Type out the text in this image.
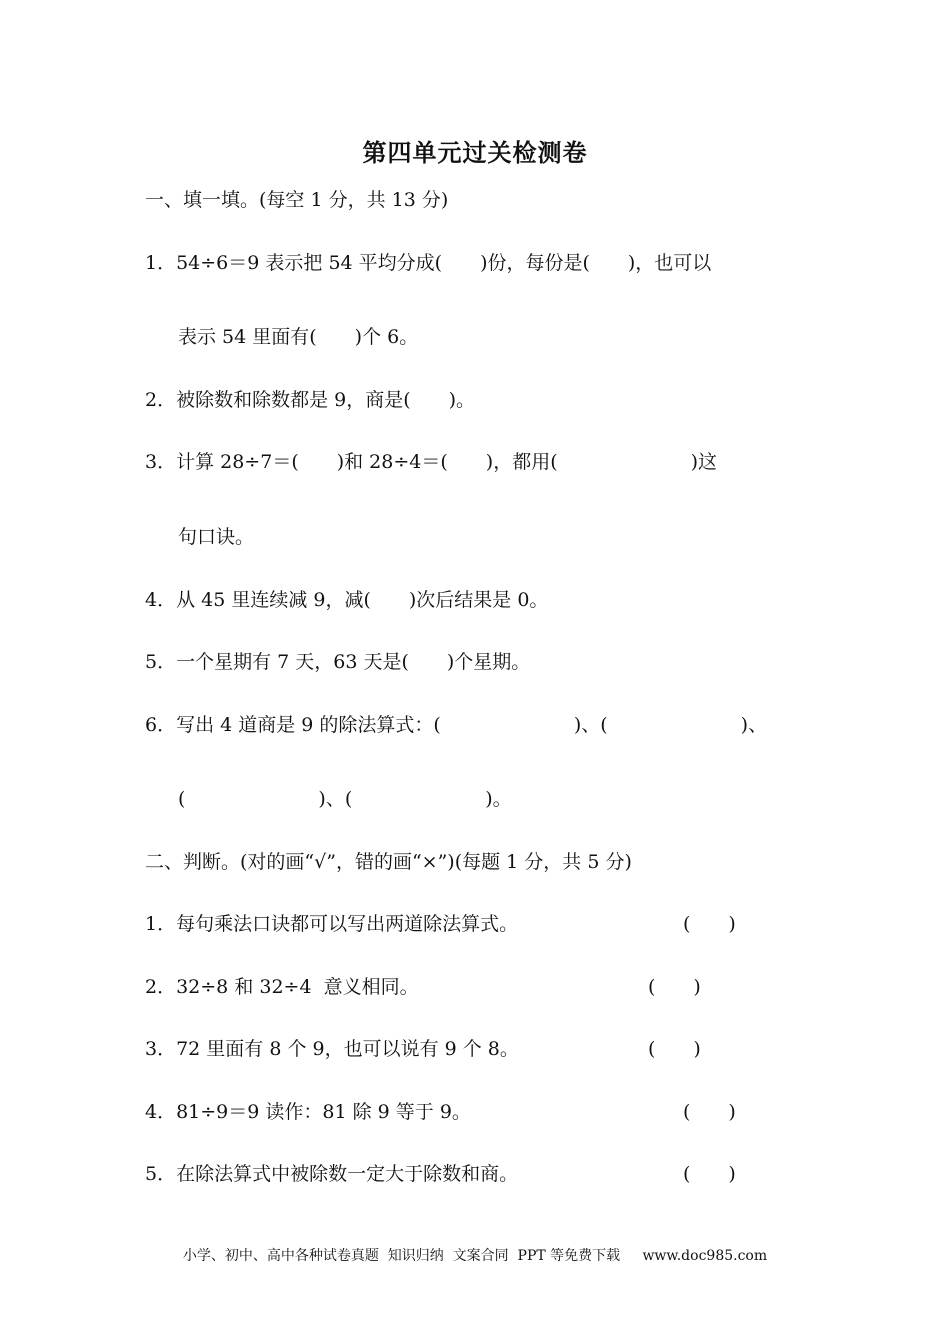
第四单元过关检测卷
一、填一填。(每空 1 分，共 13 分)
1．54÷6＝9 表示把 54 平均分成(　　)份，每份是(　　)，也可以
表示 54 里面有(　　)个 6。
2．被除数和除数都是 9，商是(　　)。
3．计算 28÷7＝(　　)和 28÷4＝(　　)，都用(　　　　　　　)这
句口诀。
4．从 45 里连续减 9，减(　　)次后结果是 0。
5．一个星期有 7 天，63 天是(　　)个星期。
6．写出 4 道商是 9 的除法算式：(　　　　　　　)、(　　　　　　　)、
(　　　　　　　)、(　　　　　　　)。
二、判断。(对的画“√”，错的画“×”)(每题 1 分，共 5 分)
1．每句乘法口诀都可以写出两道除法算式。	(　　)
2．32÷8 和 32÷4  意义相同。	(　　)
3．72 里面有 8 个 9，也可以说有 9 个 8。	(　　)
4．81÷9＝9 读作：81 除 9 等于 9。	(　　)
5．在除法算式中被除数一定大于除数和商。	(　　)
小学、初中、高中各种试卷真题  知识归纳  文案合同  PPT 等免费下载     www.doc985.com
